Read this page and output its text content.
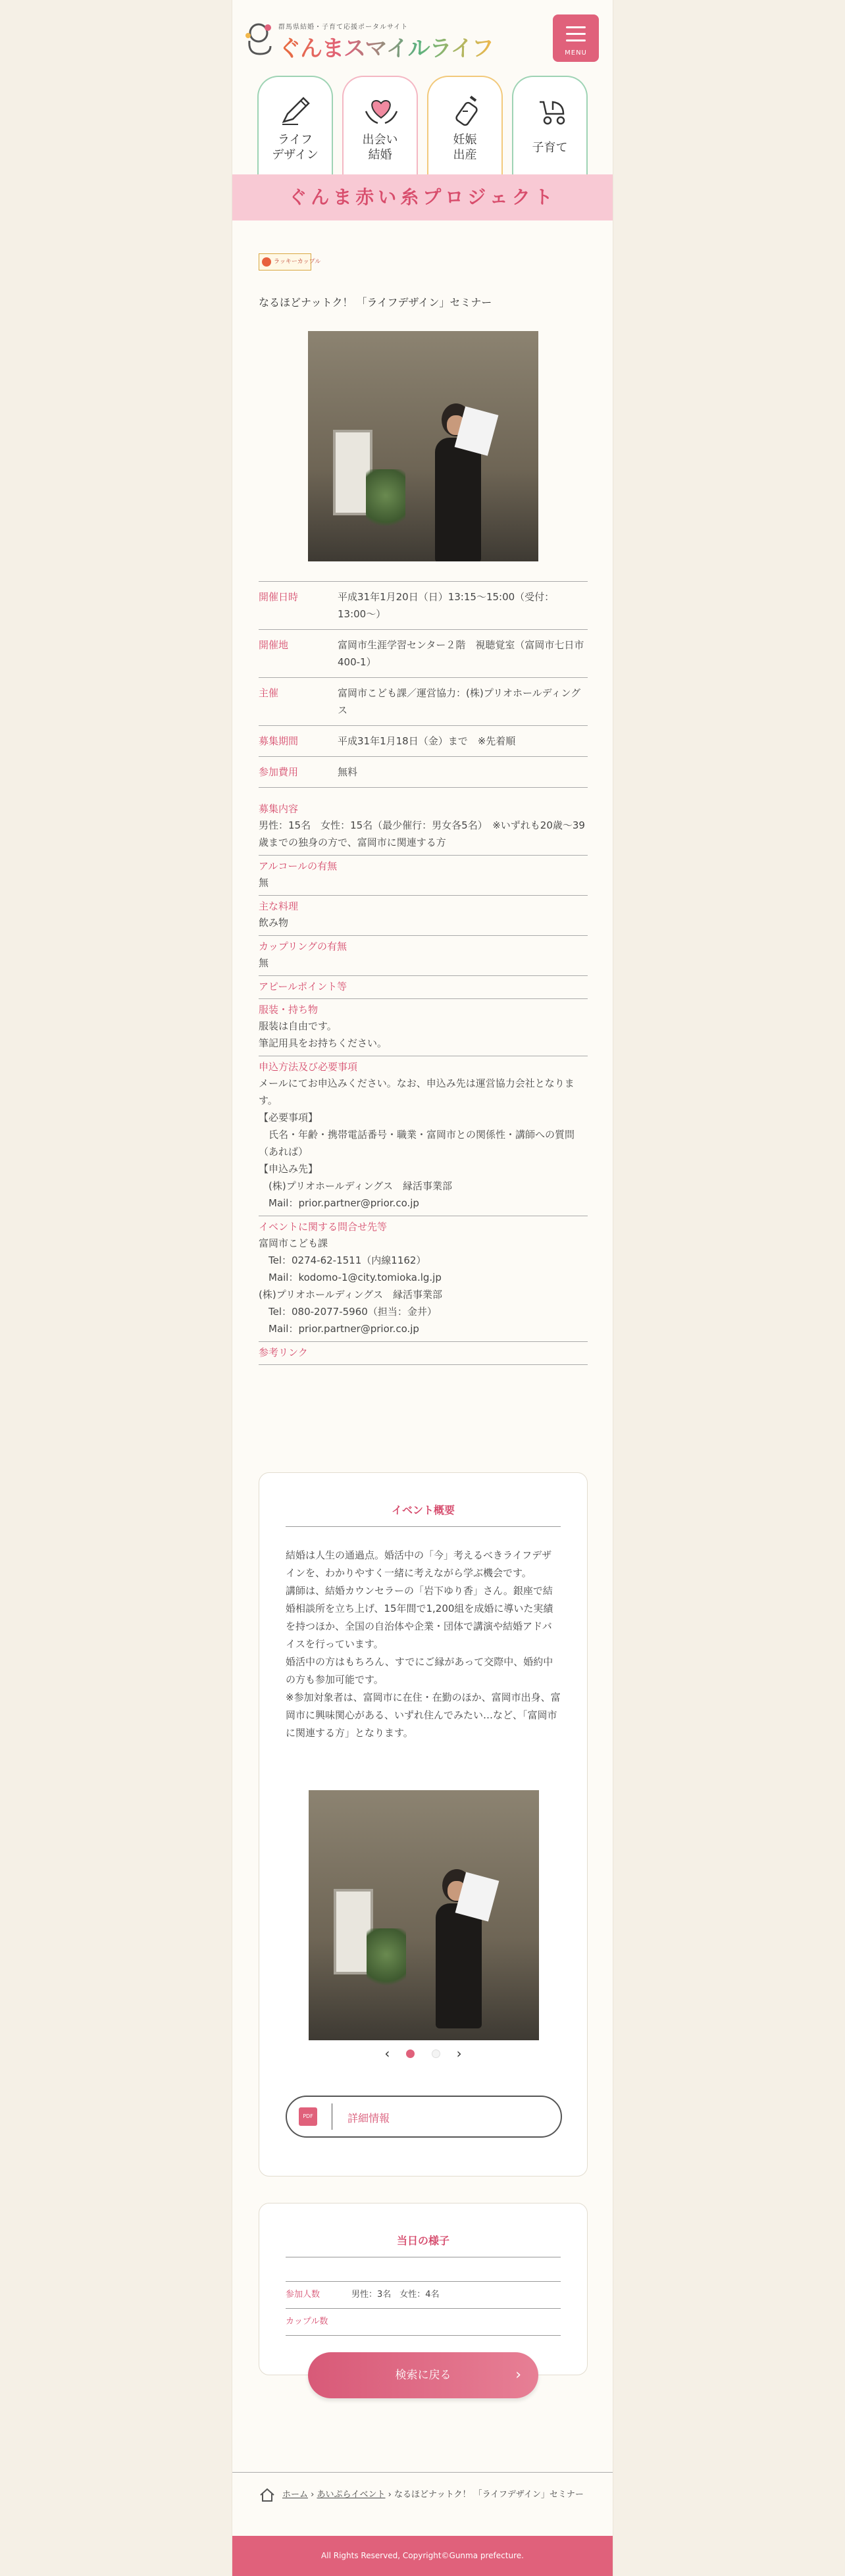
群馬県結婚・子育て応援ポータルサイト
ぐんまスマイルライフ	MENU
ライフ
デザイン
出会い
結婚
妊娠
出産
子育て
ぐんま赤い糸プロジェクト
ラッキーカップル
なるほどナットク！ 「ライフデザイン」セミナー
開催日時	平成31年1月20日（日）13:15〜15:00（受付：13:00〜）
開催地	富岡市生涯学習センター２階　視聴覚室（富岡市七日市400-1）
主催	富岡市こども課／運営協力：(株)プリオホールディングス
募集期間	平成31年1月18日（金）まで　※先着順
参加費用	無料
募集内容
男性：15名　女性：15名（最少催行：男女各5名）　※いずれも20歳〜39歳までの独身の方で、富岡市に関連する方
アルコールの有無
無
主な料理
飲み物
カップリングの有無
無
アピールポイント等
服装・持ち物
服装は自由です。
筆記用具をお持ちください。
申込方法及び必要事項
メールにてお申込みください。なお、申込み先は運営協力会社となります。
【必要事項】
　氏名・年齢・携帯電話番号・職業・富岡市との関係性・講師への質問（あれば）
【申込み先】
　(株)プリオホールディングス　縁活事業部
　Mail：prior.partner@prior.co.jp
イベントに関する問合せ先等
富岡市こども課
　Tel：0274-62-1511（内線1162）
　Mail：kodomo-1@city.tomioka.lg.jp
(株)プリオホールディングス　縁活事業部
　Tel：080-2077-5960（担当：金井）
　Mail：prior.partner@prior.co.jp
参考リンク
イベント概要
結婚は人生の通過点。婚活中の「今」考えるべきライフデザインを、わかりやすく一緒に考えながら学ぶ機会です。
講師は、結婚カウンセラーの「岩下ゆり香」さん。銀座で結婚相談所を立ち上げ、15年間で1,200組を成婚に導いた実績を持つほか、全国の自治体や企業・団体で講演や結婚アドバイスを行っています。
婚活中の方はもちろん、すでにご縁があって交際中、婚約中の方も参加可能です。
※参加対象者は、富岡市に在住・在勤のほか、富岡市出身、富岡市に興味関心がある、いずれ住んでみたい…など、「富岡市に関連する方」となります。
‹	›
PDF	詳細情報
当日の様子
参加人数	男性：3名　女性：4名
カップル数
検索に戻る	›
ホーム › あいぷらイベント › なるほどナットク！ 「ライフデザイン」セミナー
All Rights Reserved, Copyright©Gunma prefecture.
